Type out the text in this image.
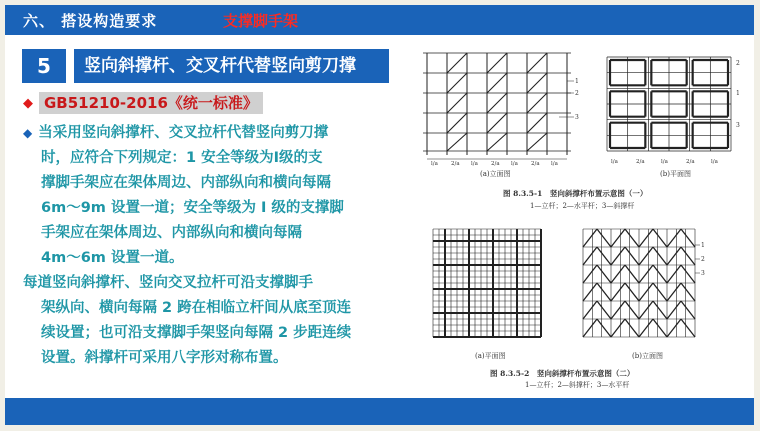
六、 搭设构造要求	支撑脚手架
5	竖向斜撑杆、交叉杆代替竖向剪刀撑
◆ GB51210-2016《统一标准》
◆ 当采用竖向斜撑杆、交叉拉杆代替竖向剪刀撑
时，应符合下列规定：1 安全等级为I级的支
撑脚手架应在架体周边、内部纵向和横向每隔
6m～9m 设置一道；安全等级为 I 级的支撑脚
手架应在架体周边、内部纵向和横向每隔
4m～6m 设置一道。
每道竖向斜撑杆、竖向交叉拉杆可沿支撑脚手
架纵向、横向每隔 2 跨在相临立杆间从底至顶连
续设置；也可沿支撑脚手架竖向每隔 2 步距连续
设置。斜撑杆可采用八字形对称布置。
l/a 2/a l/a 2/a l/a 2/a l/a
1
2
3
l/a	2/a	l/a	2/a	l/a
2
1
3
1
2
3
(a)立面图	(b)平面图
图 8.3.5-1　竖向斜撑杆布置示意图（一）
1—立杆；2—水平杆；3—斜撑杆
(a)平面图	(b)立面图
图 8.3.5-2　竖向斜撑杆布置示意图（二）
1—立杆；2—斜撑杆；3—水平杆
